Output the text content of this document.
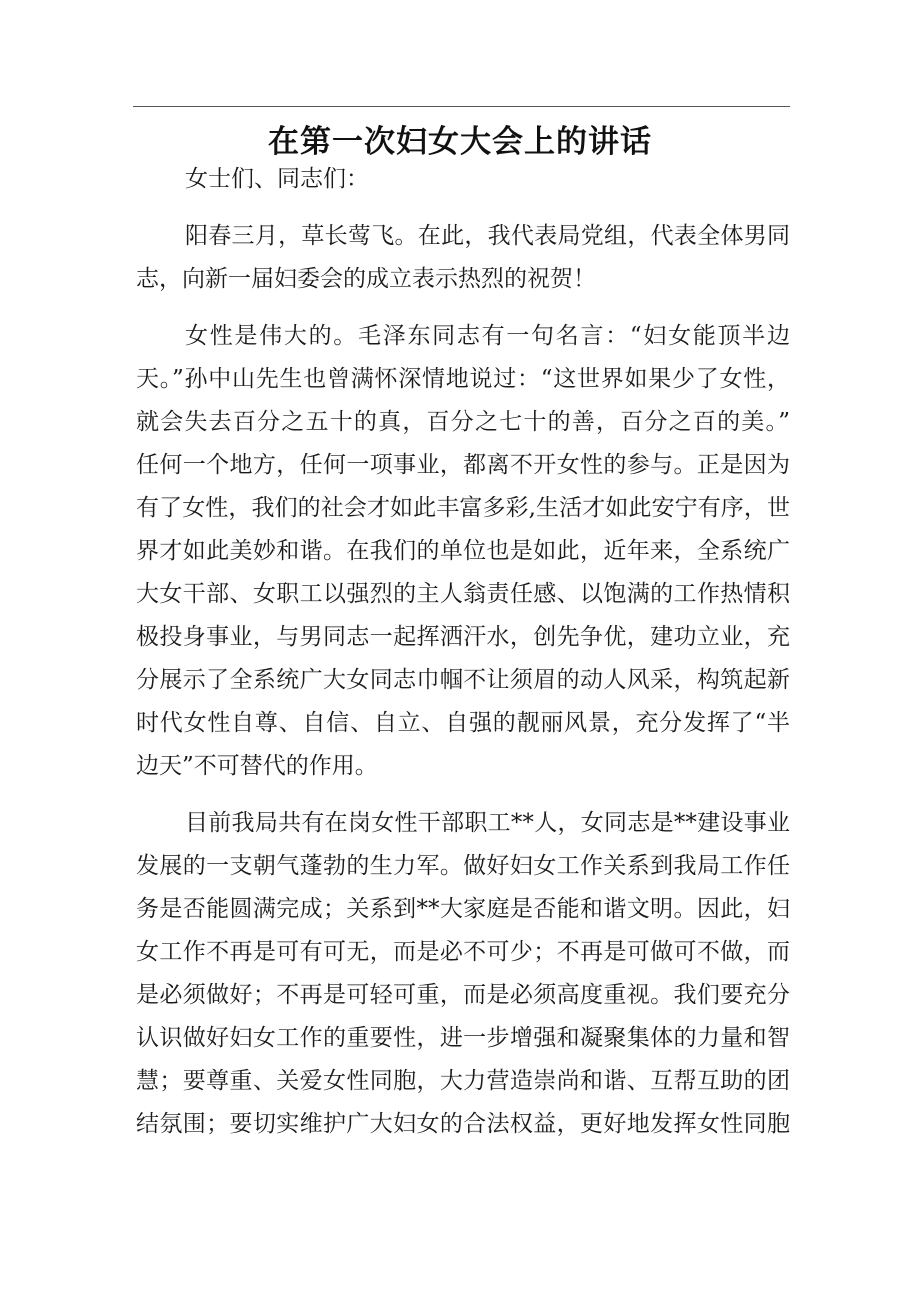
在第一次妇女大会上的讲话
女士们、同志们：
阳春三月，草长莺飞。在此，我代表局党组，代表全体男同
志，向新一届妇委会的成立表示热烈的祝贺！
女性是伟大的。毛泽东同志有一句名言：“妇女能顶半边
天。”孙中山先生也曾满怀深情地说过：“这世界如果少了女性，
就会失去百分之五十的真，百分之七十的善，百分之百的美。”
任何一个地方，任何一项事业，都离不开女性的参与。正是因为
有了女性，我们的社会才如此丰富多彩,生活才如此安宁有序，世
界才如此美妙和谐。在我们的单位也是如此，近年来，全系统广
大女干部、女职工以强烈的主人翁责任感、以饱满的工作热情积
极投身事业，与男同志一起挥洒汗水，创先争优，建功立业，充
分展示了全系统广大女同志巾帼不让须眉的动人风采，构筑起新
时代女性自尊、自信、自立、自强的靓丽风景，充分发挥了“半
边天”不可替代的作用。
目前我局共有在岗女性干部职工**人，女同志是**建设事业
发展的一支朝气蓬勃的生力军。做好妇女工作关系到我局工作任
务是否能圆满完成；关系到**大家庭是否能和谐文明。因此，妇
女工作不再是可有可无，而是必不可少；不再是可做可不做，而
是必须做好；不再是可轻可重，而是必须高度重视。我们要充分
认识做好妇女工作的重要性，进一步增强和凝聚集体的力量和智
慧；要尊重、关爱女性同胞，大力营造崇尚和谐、互帮互助的团
结氛围；要切实维护广大妇女的合法权益，更好地发挥女性同胞
